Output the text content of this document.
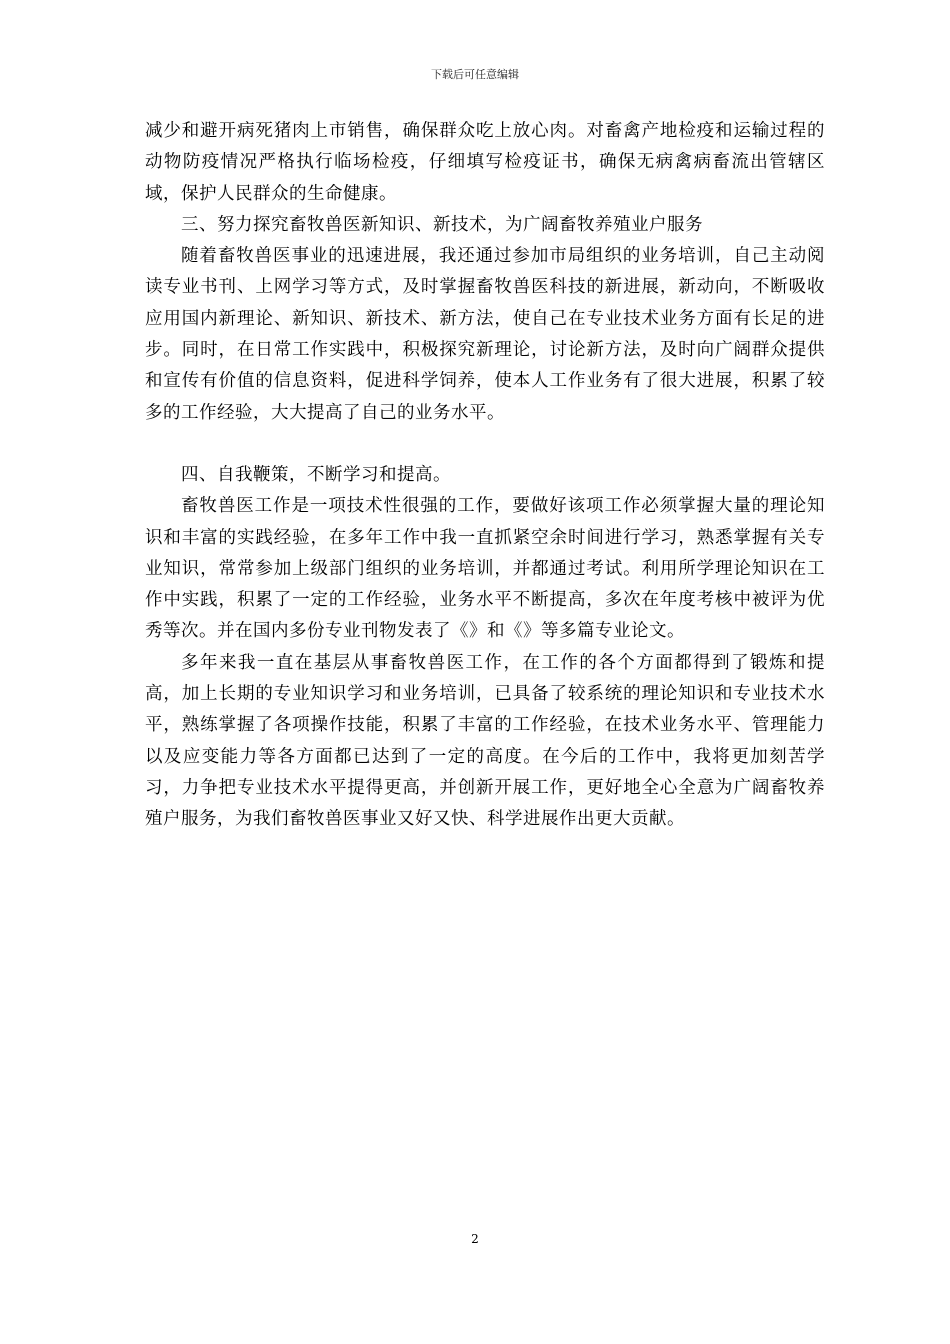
下载后可任意编辑

减少和避开病死猪肉上市销售，确保群众吃上放心肉。对畜禽产地检疫和运输过程的动物防疫情况严格执行临场检疫，仔细填写检疫证书，确保无病禽病畜流出管辖区域，保护人民群众的生命健康。

三、努力探究畜牧兽医新知识、新技术，为广阔畜牧养殖业户服务

随着畜牧兽医事业的迅速进展，我还通过参加市局组织的业务培训，自己主动阅读专业书刊、上网学习等方式，及时掌握畜牧兽医科技的新进展，新动向，不断吸收应用国内新理论、新知识、新技术、新方法，使自己在专业技术业务方面有长足的进步。同时，在日常工作实践中，积极探究新理论，讨论新方法，及时向广阔群众提供和宣传有价值的信息资料，促进科学饲养，使本人工作业务有了很大进展，积累了较多的工作经验，大大提高了自己的业务水平。

四、自我鞭策，不断学习和提高。

畜牧兽医工作是一项技术性很强的工作，要做好该项工作必须掌握大量的理论知识和丰富的实践经验，在多年工作中我一直抓紧空余时间进行学习，熟悉掌握有关专业知识，常常参加上级部门组织的业务培训，并都通过考试。利用所学理论知识在工作中实践，积累了一定的工作经验，业务水平不断提高，多次在年度考核中被评为优秀等次。并在国内多份专业刊物发表了《》和《》等多篇专业论文。

多年来我一直在基层从事畜牧兽医工作，在工作的各个方面都得到了锻炼和提高，加上长期的专业知识学习和业务培训，已具备了较系统的理论知识和专业技术水平，熟练掌握了各项操作技能，积累了丰富的工作经验，在技术业务水平、管理能力以及应变能力等各方面都已达到了一定的高度。在今后的工作中，我将更加刻苦学习，力争把专业技术水平提得更高，并创新开展工作，更好地全心全意为广阔畜牧养殖户服务，为我们畜牧兽医事业又好又快、科学进展作出更大贡献。

2
